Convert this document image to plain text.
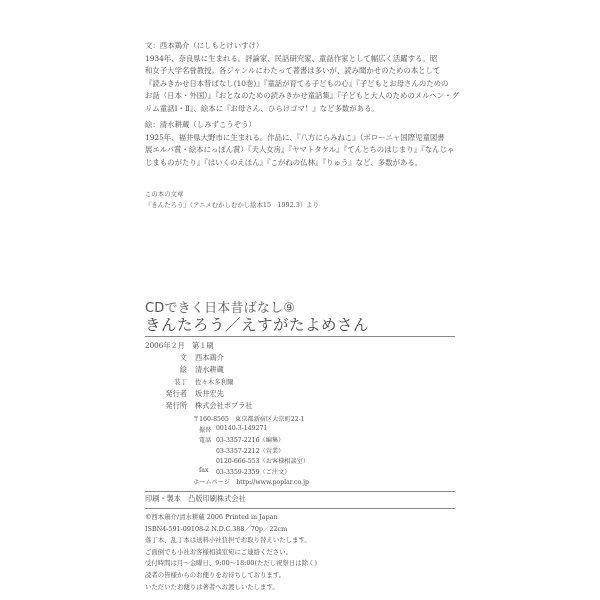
文：西本鶏介（にしもとけいすけ）

1934年、奈良県に生まれる。評論家、民話研究家、童話作家として幅広く活躍する。昭

和女子大学名誉教授。各ジャンルにわたって著書は多いが、読み聞かせのための本として

『読みきかせ日本昔ばなし(10巻)』『童話が育てる子どもの心』『子どもとお母さんのための

お話（日本・外国）』『おとなのための読みきかせ童話集』『子どもと大人のためのメルヘン・グ

リム童話Ⅰ・Ⅱ』、絵本に『お母さん、ひらけゴマ！』など多数がある。

絵：清水耕蔵（しみずこうぞう）

1925年、福井県大野市に生まれる。作品に、『八方にらみねこ』（ボローニャ国際児童図書

展エルバ賞・絵本にっぽん賞）『天人女房』『ヤマトタケル』『てんとちのはじまり』『なんじゃ

じまものがたり』『はいくのえほん』『こがねの仏林』『りゅう』など、多数がある。

この本の文章
『きんたろう』（アニメむかしむかし絵本15　1992.3）より
CDできく日本昔ばなし⑨
きんたろう／えすがたよめさん
2006年２月　第１刷
文 西本鶏介
絵 清水耕蔵
装丁 佐々木多利爾
発行者 坂井宏先
発行所 株式会社ポプラ社
〒160-8565　東京都新宿区大京町22-1
振替 00140-3-149271
電話 03-3357-2216（編集）
03-3357-2212（営業）
0120-666-553（お客様相談室）
fax 03-3359-2359（ご注文）
ホームページ　http://www.poplar.co.jp
印刷・製本　凸版印刷株式会社
©西本鶏介/清水耕蔵 2006 Printed in Japan
ISBN4-591-09108-2 N.D.C.388／70p／22cm
落丁本、乱丁本は送料小社負担でお取り替えいたします。
ご面倒でも小社お客様相談室宛にご連絡ください。
受付時間は月～金曜日、9:00～18:00(ただし祝祭日は除く)
読者の皆様からのお便りをお待ちしております。
いただいたお便りは著者へお渡しいたします。
